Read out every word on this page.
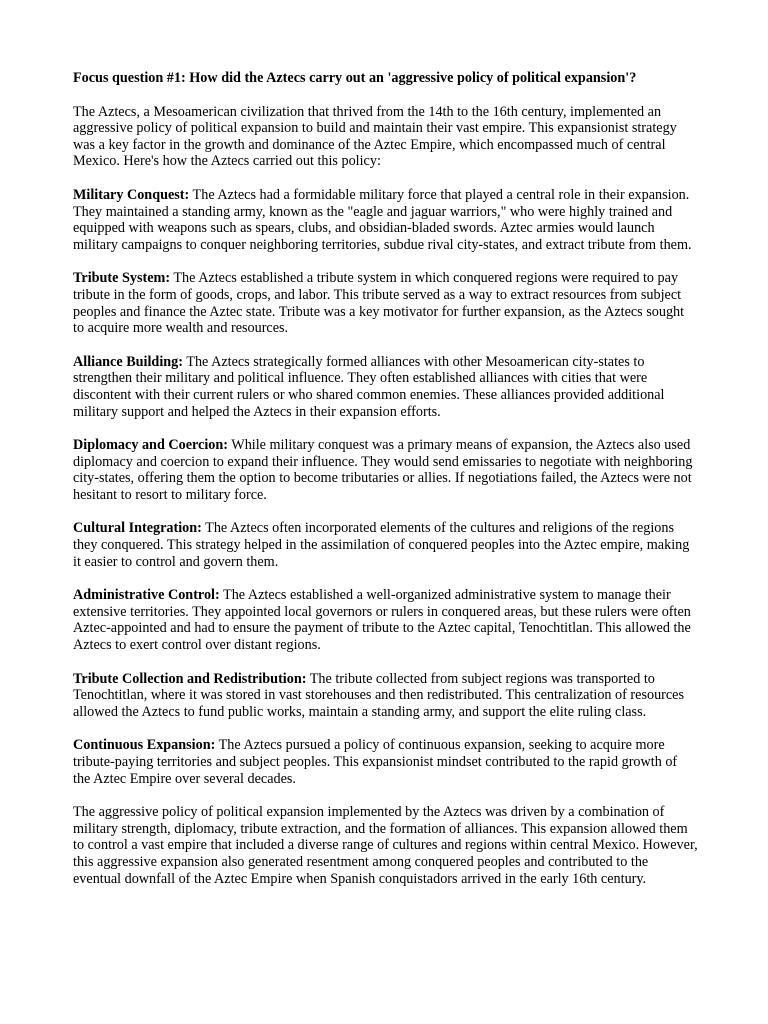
Focus question #1: How did the Aztecs carry out an 'aggressive policy of political expansion'?

The Aztecs, a Mesoamerican civilization that thrived from the 14th to the 16th century, implemented an aggressive policy of political expansion to build and maintain their vast empire. This expansionist strategy was a key factor in the growth and dominance of the Aztec Empire, which encompassed much of central Mexico. Here's how the Aztecs carried out this policy:

Military Conquest: The Aztecs had a formidable military force that played a central role in their expansion. They maintained a standing army, known as the "eagle and jaguar warriors," who were highly trained and equipped with weapons such as spears, clubs, and obsidian-bladed swords. Aztec armies would launch military campaigns to conquer neighboring territories, subdue rival city-states, and extract tribute from them.

Tribute System: The Aztecs established a tribute system in which conquered regions were required to pay tribute in the form of goods, crops, and labor. This tribute served as a way to extract resources from subject peoples and finance the Aztec state. Tribute was a key motivator for further expansion, as the Aztecs sought to acquire more wealth and resources.

Alliance Building: The Aztecs strategically formed alliances with other Mesoamerican city-states to strengthen their military and political influence. They often established alliances with cities that were discontent with their current rulers or who shared common enemies. These alliances provided additional military support and helped the Aztecs in their expansion efforts.

Diplomacy and Coercion: While military conquest was a primary means of expansion, the Aztecs also used diplomacy and coercion to expand their influence. They would send emissaries to negotiate with neighboring city-states, offering them the option to become tributaries or allies. If negotiations failed, the Aztecs were not hesitant to resort to military force.

Cultural Integration: The Aztecs often incorporated elements of the cultures and religions of the regions they conquered. This strategy helped in the assimilation of conquered peoples into the Aztec empire, making it easier to control and govern them.

Administrative Control: The Aztecs established a well-organized administrative system to manage their extensive territories. They appointed local governors or rulers in conquered areas, but these rulers were often Aztec-appointed and had to ensure the payment of tribute to the Aztec capital, Tenochtitlan. This allowed the Aztecs to exert control over distant regions.

Tribute Collection and Redistribution: The tribute collected from subject regions was transported to Tenochtitlan, where it was stored in vast storehouses and then redistributed. This centralization of resources allowed the Aztecs to fund public works, maintain a standing army, and support the elite ruling class.

Continuous Expansion: The Aztecs pursued a policy of continuous expansion, seeking to acquire more tribute-paying territories and subject peoples. This expansionist mindset contributed to the rapid growth of the Aztec Empire over several decades.

The aggressive policy of political expansion implemented by the Aztecs was driven by a combination of military strength, diplomacy, tribute extraction, and the formation of alliances. This expansion allowed them to control a vast empire that included a diverse range of cultures and regions within central Mexico. However, this aggressive expansion also generated resentment among conquered peoples and contributed to the eventual downfall of the Aztec Empire when Spanish conquistadors arrived in the early 16th century.
